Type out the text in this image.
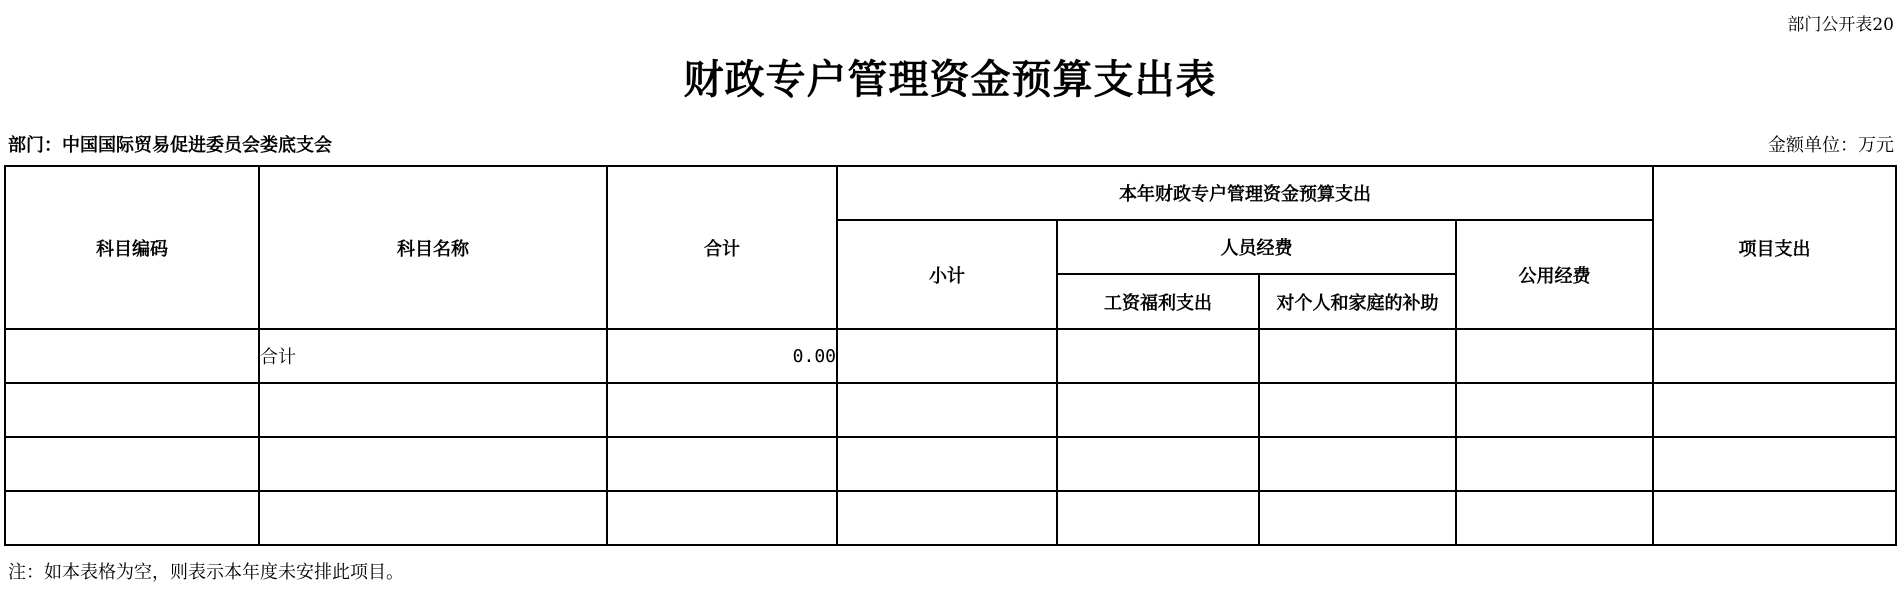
部门公开表20
财政专户管理资金预算支出表
部门：中国国际贸易促进委员会娄底支会	金额单位：万元
科目编码	科目名称	合计	本年财政专户管理资金预算支出				项目支出
			小计	人员经费		公用经费	
				工资福利支出	对个人和家庭的补助		
	合计	0.00					

注：如本表格为空，则表示本年度未安排此项目。
